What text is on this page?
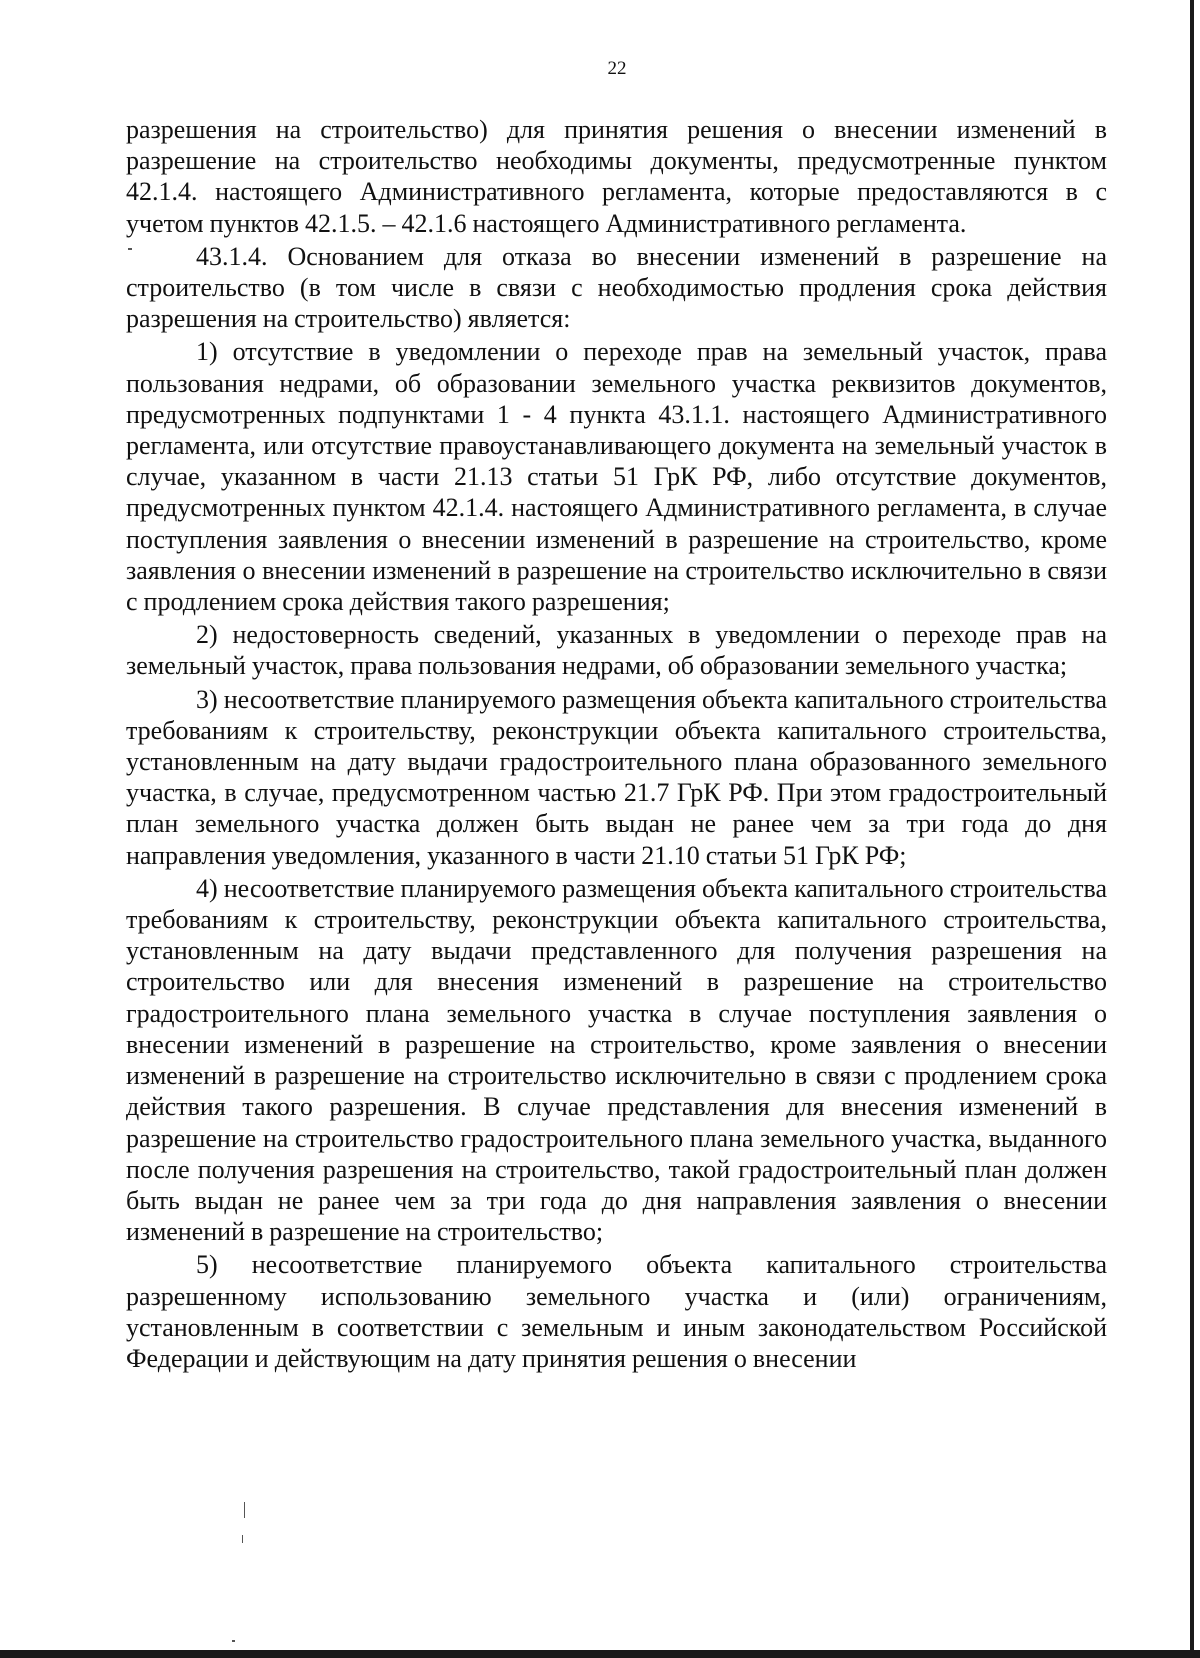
22

разрешения на строительство) для принятия решения о внесении изменений в разрешение на строительство необходимы документы, предусмотренные пунктом 42.1.4. настоящего Административного регламента, которые предоставляются в с учетом пунктов 42.1.5. – 42.1.6 настоящего Административного регламента.

43.1.4. Основанием для отказа во внесении изменений в разрешение на строительство (в том числе в связи с необходимостью продления срока действия разрешения на строительство) является:

1) отсутствие в уведомлении о переходе прав на земельный участок, права пользования недрами, об образовании земельного участка реквизитов документов, предусмотренных подпунктами 1 - 4 пункта 43.1.1. настоящего Административного регламента, или отсутствие правоустанавливающего документа на земельный участок в случае, указанном в части 21.13 статьи 51 ГрК РФ, либо отсутствие документов, предусмотренных пунктом 42.1.4. настоящего Административного регламента, в случае поступления заявления о внесении изменений в разрешение на строительство, кроме заявления о внесении изменений в разрешение на строительство исключительно в связи с продлением срока действия такого разрешения;

2) недостоверность сведений, указанных в уведомлении о переходе прав на земельный участок, права пользования недрами, об образовании земельного участка;

3) несоответствие планируемого размещения объекта капитального строительства требованиям к строительству, реконструкции объекта капитального строительства, установленным на дату выдачи градостроительного плана образованного земельного участка, в случае, предусмотренном частью 21.7 ГрК РФ. При этом градостроительный план земельного участка должен быть выдан не ранее чем за три года до дня направления уведомления, указанного в части 21.10 статьи 51 ГрК РФ;

4) несоответствие планируемого размещения объекта капитального строительства требованиям к строительству, реконструкции объекта капитального строительства, установленным на дату выдачи представленного для получения разрешения на строительство или для внесения изменений в разрешение на строительство градостроительного плана земельного участка в случае поступления заявления о внесении изменений в разрешение на строительство, кроме заявления о внесении изменений в разрешение на строительство исключительно в связи с продлением срока действия такого разрешения. В случае представления для внесения изменений в разрешение на строительство градостроительного плана земельного участка, выданного после получения разрешения на строительство, такой градостроительный план должен быть выдан не ранее чем за три года до дня направления заявления о внесении изменений в разрешение на строительство;

5) несоответствие планируемого объекта капитального строительства разрешенному использованию земельного участка и (или) ограничениям, установленным в соответствии с земельным и иным законодательством Российской Федерации и действующим на дату принятия решения о внесении
